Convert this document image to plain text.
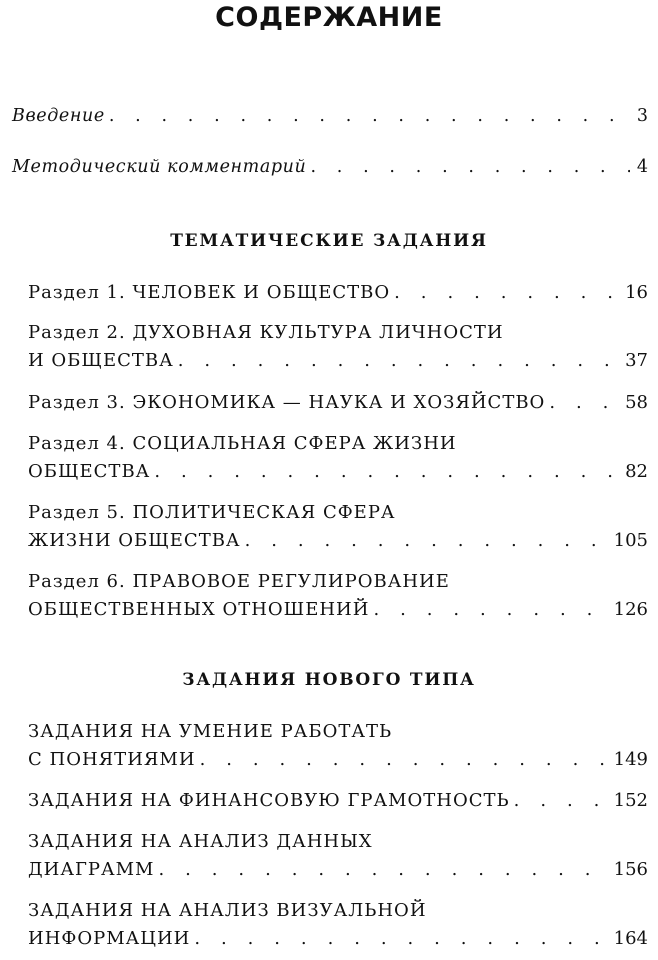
СОДЕРЖАНИЕ
Введение . . .	3
Методический комментарий . . .	4
ТЕМАТИЧЕСКИЕ ЗАДАНИЯ
Раздел 1. ЧЕЛОВЕК И ОБЩЕСТВО . . .	16
Раздел 2. ДУХОВНАЯ КУЛЬТУРА ЛИЧНОСТИ
И ОБЩЕСТВА . . .	37
Раздел 3. ЭКОНОМИКА — НАУКА И ХОЗЯЙСТВО . . .	58
Раздел 4. СОЦИАЛЬНАЯ СФЕРА ЖИЗНИ
ОБЩЕСТВА . . .	82
Раздел 5. ПОЛИТИЧЕСКАЯ СФЕРА
ЖИЗНИ ОБЩЕСТВА . . .	105
Раздел 6. ПРАВОВОЕ РЕГУЛИРОВАНИЕ
ОБЩЕСТВЕННЫХ ОТНОШЕНИЙ . . .	126
ЗАДАНИЯ НОВОГО ТИПА
ЗАДАНИЯ НА УМЕНИЕ РАБОТАТЬ
С ПОНЯТИЯМИ . . .	149
ЗАДАНИЯ НА ФИНАНСОВУЮ ГРАМОТНОСТЬ . . .	152
ЗАДАНИЯ НА АНАЛИЗ ДАННЫХ
ДИАГРАММ . . .	156
ЗАДАНИЯ НА АНАЛИЗ ВИЗУАЛЬНОЙ
ИНФОРМАЦИИ . . .	164
